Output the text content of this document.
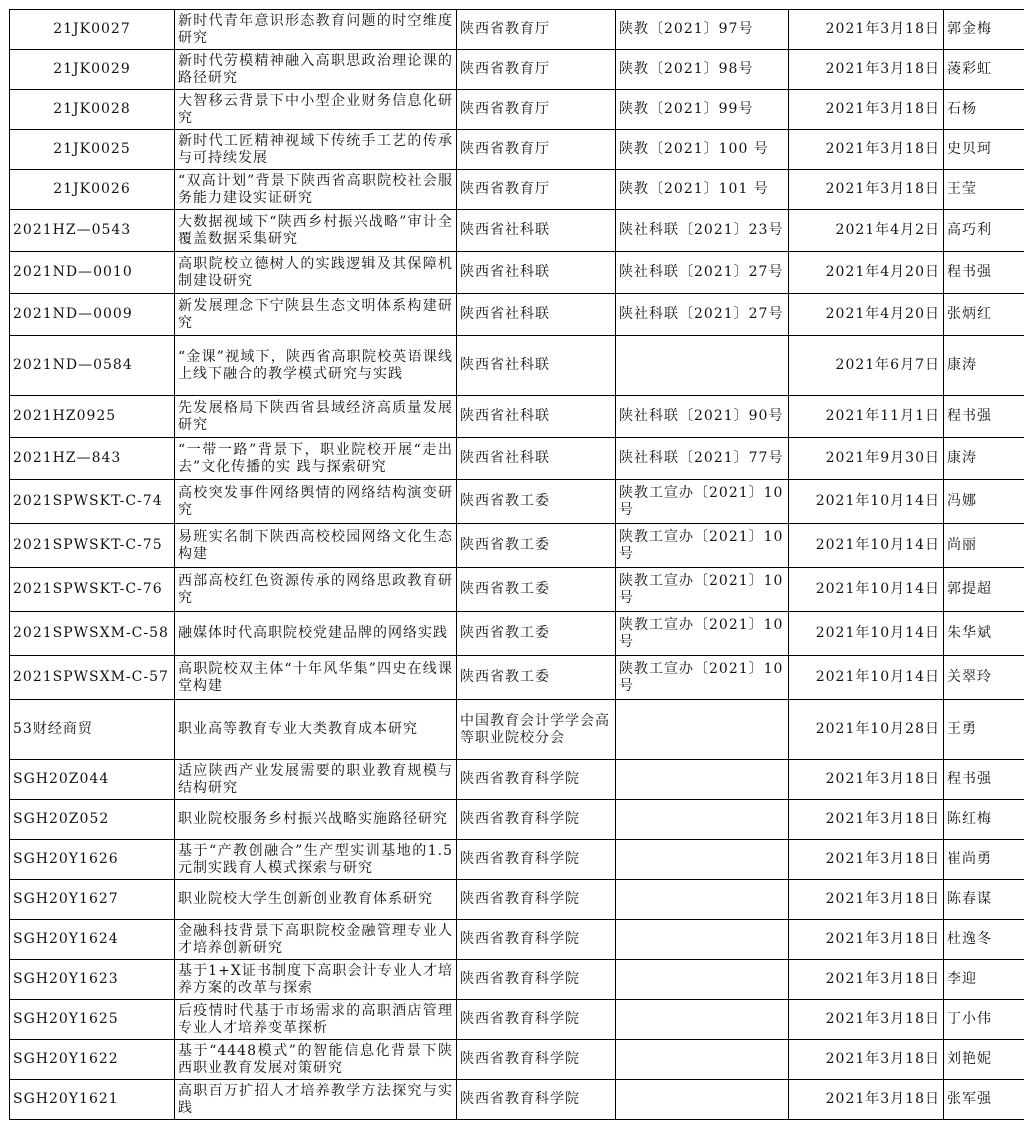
21JK0027	新时代青年意识形态教育问题的时空维度研究	陕西省教育厅	陕教〔2021〕97号	2021年3月18日	郭金梅
21JK0029	新时代劳模精神融入高职思政治理论课的路径研究	陕西省教育厅	陕教〔2021〕98号	2021年3月18日	蓤彩虹
21JK0028	大智移云背景下中小型企业财务信息化研究	陕西省教育厅	陕教〔2021〕99号	2021年3月18日	石杨
21JK0025	新时代工匠精神视域下传统手工艺的传承与可持续发展	陕西省教育厅	陕教〔2021〕100 号	2021年3月18日	史贝珂
21JK0026	“双高计划”背景下陕西省高职院校社会服务能力建设实证研究	陕西省教育厅	陕教〔2021〕101 号	2021年3月18日	王莹
2021HZ—0543	大数据视域下“陕西乡村振兴战略”审计全覆盖数据采集研究	陕西省社科联	陕社科联〔2021〕23号	2021年4月2日	高巧利
2021ND—0010	高职院校立德树人的实践逻辑及其保障机制建设研究	陕西省社科联	陕社科联〔2021〕27号	2021年4月20日	程书强
2021ND—0009	新发展理念下宁陕县生态文明体系构建研究	陕西省社科联	陕社科联〔2021〕27号	2021年4月20日	张炳红
2021ND—0584	“金课”视域下，陕西省高职院校英语课线上线下融合的教学模式研究与实践	陕西省社科联		2021年6月7日	康涛
2021HZ0925	先发展格局下陕西省县域经济高质量发展研究	陕西省社科联	陕社科联〔2021〕90号	2021年11月1日	程书强
2021HZ—843	“一带一路”背景下，职业院校开展“走出去”文化传播的实 践与探索研究	陕西省社科联	陕社科联〔2021〕77号	2021年9月30日	康涛
2021SPWSKT-C-74	高校突发事件网络舆情的网络结构演变研究	陕西省教工委	陕教工宣办〔2021〕10号	2021年10月14日	冯娜
2021SPWSKT-C-75	易班实名制下陕西高校校园网络文化生态构建	陕西省教工委	陕教工宣办〔2021〕10号	2021年10月14日	尚丽
2021SPWSKT-C-76	西部高校红色资源传承的网络思政教育研究	陕西省教工委	陕教工宣办〔2021〕10号	2021年10月14日	郭提超
2021SPWSXM-C-58	融媒体时代高职院校党建品牌的网络实践	陕西省教工委	陕教工宣办〔2021〕10号	2021年10月14日	朱华斌
2021SPWSXM-C-57	高职院校双主体“十年风华集”四史在线课堂构建	陕西省教工委	陕教工宣办〔2021〕10号	2021年10月14日	关翠玲
53财经商贸	职业高等教育专业大类教育成本研究	中国教育会计学学会高等职业院校分会		2021年10月28日	王勇
SGH20Z044	适应陕西产业发展需要的职业教育规模与结构研究	陕西省教育科学院		2021年3月18日	程书强
SGH20Z052	职业院校服务乡村振兴战略实施路径研究	陕西省教育科学院		2021年3月18日	陈红梅
SGH20Y1626	基于“产教创融合”生产型实训基地的1.5元制实践育人模式探索与研究	陕西省教育科学院		2021年3月18日	崔尚勇
SGH20Y1627	职业院校大学生创新创业教育体系研究	陕西省教育科学院		2021年3月18日	陈春谋
SGH20Y1624	金融科技背景下高职院校金融管理专业人才培养创新研究	陕西省教育科学院		2021年3月18日	杜逸冬
SGH20Y1623	基于1+X证书制度下高职会计专业人才培养方案的改革与探索	陕西省教育科学院		2021年3月18日	李迎
SGH20Y1625	后疫情时代基于市场需求的高职酒店管理专业人才培养变革探析	陕西省教育科学院		2021年3月18日	丁小伟
SGH20Y1622	基于“4448模式”的智能信息化背景下陕西职业教育发展对策研究	陕西省教育科学院		2021年3月18日	刘艳妮
SGH20Y1621	高职百万扩招人才培养教学方法探究与实践	陕西省教育科学院		2021年3月18日	张军强
